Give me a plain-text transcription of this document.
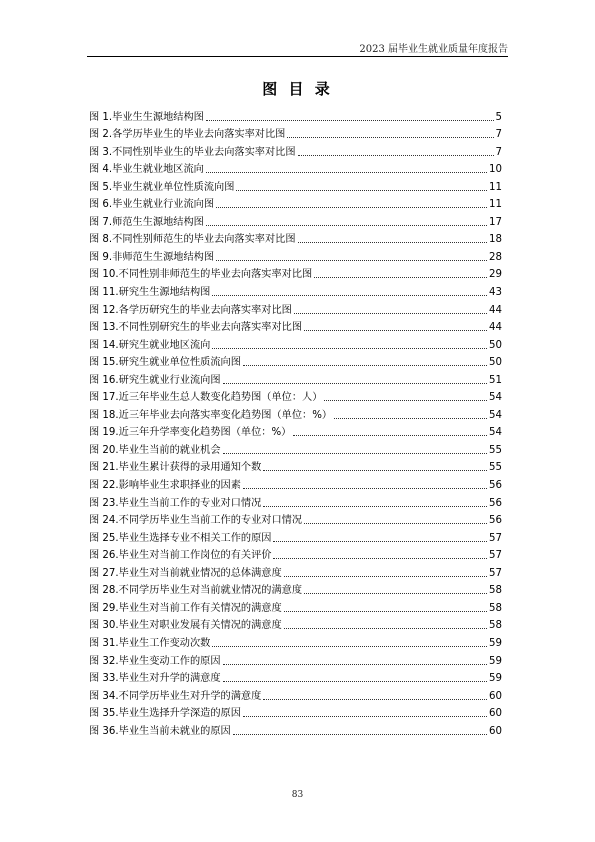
2023 届毕业生就业质量年度报告
图 目 录
图 1.毕业生生源地结构图	5
图 2.各学历毕业生的毕业去向落实率对比图	7
图 3.不同性别毕业生的毕业去向落实率对比图	7
图 4.毕业生就业地区流向	10
图 5.毕业生就业单位性质流向图	11
图 6.毕业生就业行业流向图	11
图 7.师范生生源地结构图	17
图 8.不同性别师范生的毕业去向落实率对比图	18
图 9.非师范生生源地结构图	28
图 10.不同性别非师范生的毕业去向落实率对比图	29
图 11.研究生生源地结构图	43
图 12.各学历研究生的毕业去向落实率对比图	44
图 13.不同性别研究生的毕业去向落实率对比图	44
图 14.研究生就业地区流向	50
图 15.研究生就业单位性质流向图	50
图 16.研究生就业行业流向图	51
图 17.近三年毕业生总人数变化趋势图（单位：人）	54
图 18.近三年毕业去向落实率变化趋势图（单位：%）	54
图 19.近三年升学率变化趋势图（单位：%）	54
图 20.毕业生当前的就业机会	55
图 21.毕业生累计获得的录用通知个数	55
图 22.影响毕业生求职择业的因素	56
图 23.毕业生当前工作的专业对口情况	56
图 24.不同学历毕业生当前工作的专业对口情况	56
图 25.毕业生选择专业不相关工作的原因	57
图 26.毕业生对当前工作岗位的有关评价	57
图 27.毕业生对当前就业情况的总体满意度	57
图 28.不同学历毕业生对当前就业情况的满意度	58
图 29.毕业生对当前工作有关情况的满意度	58
图 30.毕业生对职业发展有关情况的满意度	58
图 31.毕业生工作变动次数	59
图 32.毕业生变动工作的原因	59
图 33.毕业生对升学的满意度	59
图 34.不同学历毕业生对升学的满意度	60
图 35.毕业生选择升学深造的原因	60
图 36.毕业生当前未就业的原因	60
83
